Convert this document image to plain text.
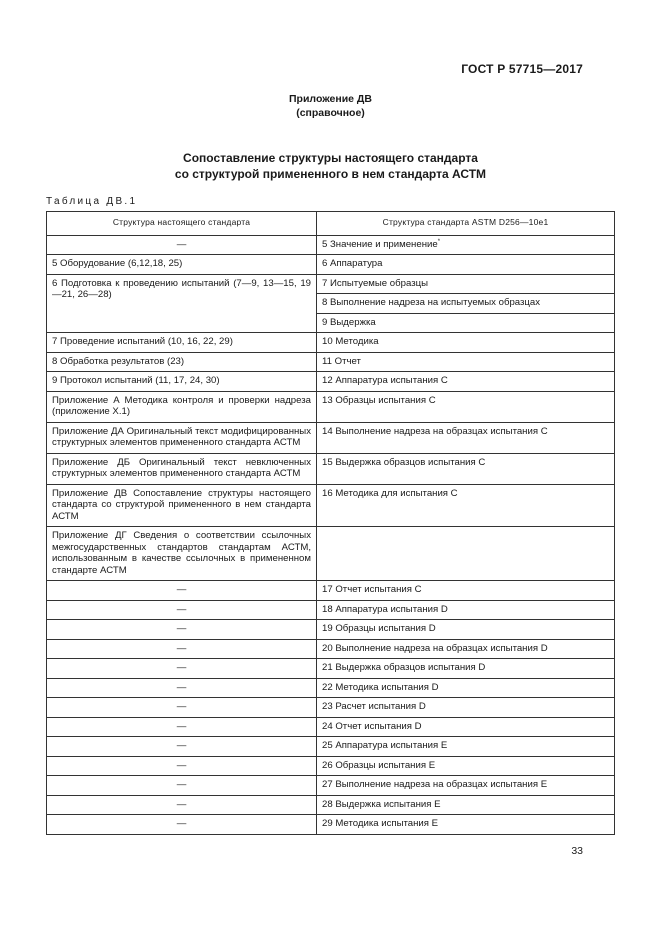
ГОСТ Р 57715—2017
Приложение ДВ
(справочное)
Сопоставление структуры настоящего стандарта
со структурой примененного в нем стандарта АСТМ
Таблица ДВ.1
Структура настоящего стандарта	Структура стандарта ASTM D256—10e1
—	5 Значение и применение*
5 Оборудование (6,12,18, 25)	6 Аппаратура
6 Подготовка к проведению испытаний (7—9, 13—15, 19—21, 26—28)	7 Испытуемые образцы
	8 Выполнение надреза на испытуемых образцах
	9 Выдержка
7 Проведение испытаний (10, 16, 22, 29)	10 Методика
8 Обработка результатов (23)	11 Отчет
9 Протокол испытаний (11, 17, 24, 30)	12 Аппаратура испытания С
Приложение А Методика контроля и проверки надреза (приложение Х.1)	13 Образцы испытания С
Приложение ДА Оригинальный текст модифицированных структурных элементов примененного стандарта АСТМ	14 Выполнение надреза на образцах испытания С
Приложение ДБ Оригинальный текст невключенных структурных элементов примененного стандарта АСТМ	15 Выдержка образцов испытания С
Приложение ДВ Сопоставление структуры настоящего стандарта со структурой примененного в нем стандарта АСТМ	16 Методика для испытания С
Приложение ДГ Сведения о соответствии ссылочных межгосударственных стандартов стандартам АСТМ, использованным в качестве ссылочных в примененном стандарте АСТМ	
—	17 Отчет испытания С
—	18 Аппаратура испытания D
—	19 Образцы испытания D
—	20 Выполнение надреза на образцах испытания D
—	21 Выдержка образцов испытания D
—	22 Методика испытания D
—	23 Расчет испытания D
—	24 Отчет испытания D
—	25 Аппаратура испытания Е
—	26 Образцы испытания Е
—	27 Выполнение надреза на образцах испытания Е
—	28 Выдержка испытания Е
—	29 Методика испытания Е
33
